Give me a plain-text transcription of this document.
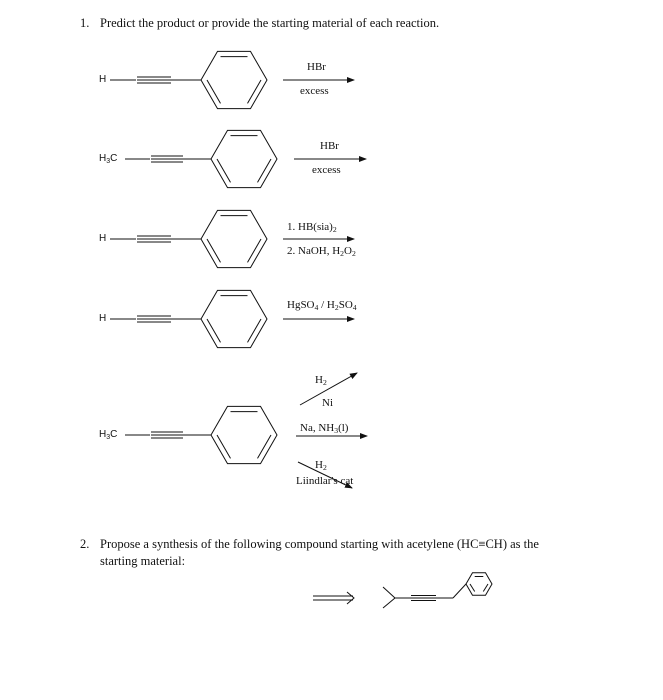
1. Predict the product or provide the starting material of each reaction.
H
$H_3C$
H
H
$H_3C$
HBr
excess
HBr
excess
1. $HB(sia)_2$
2. NaOH, $H_2O_2$
HgSO$_4$ / $H_2SO_4$
$H_2$
Ni
Na, $NH_3(l)$
$H_2$
Liindlar's cat
2. Propose a synthesis of the following compound starting with acetylene (HC≡CH) as the
starting material:
